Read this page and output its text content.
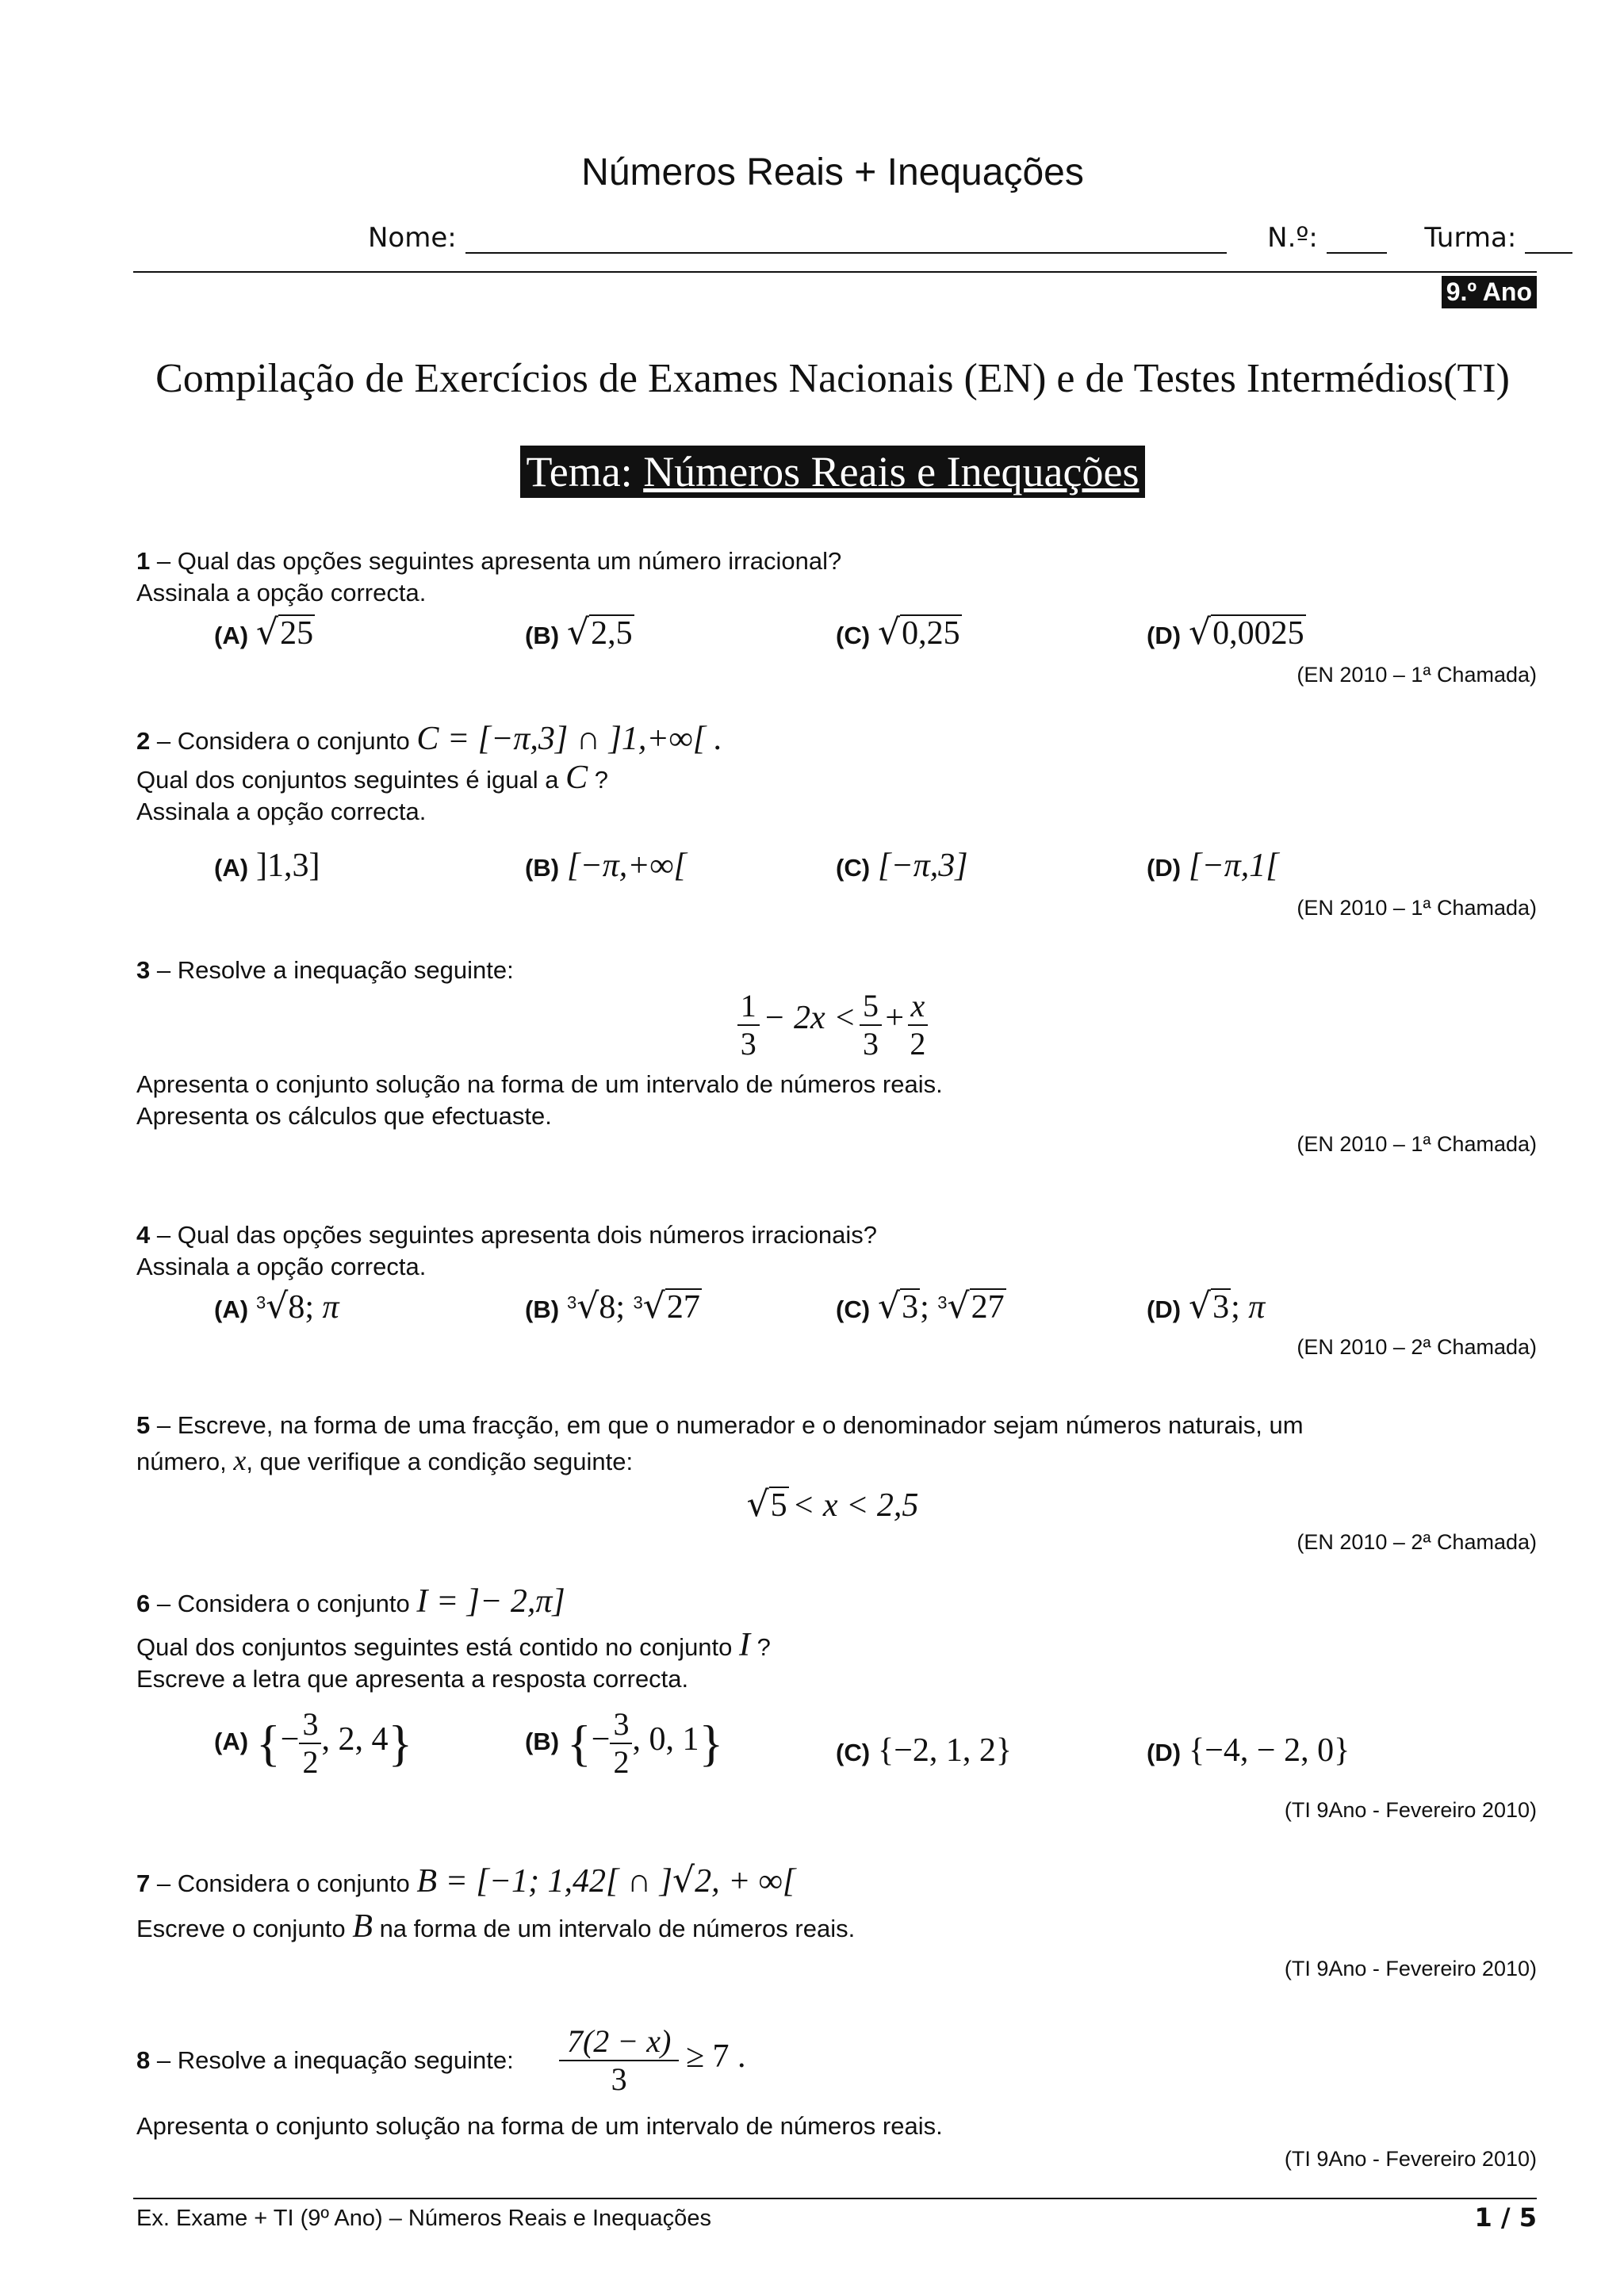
Números Reais + Inequações
Nome:	N.º:	Turma:
9.º Ano
Compilação de Exercícios de Exames Nacionais (EN) e de Testes Intermédios(TI)
Tema: Números Reais e Inequações
1 – Qual das opções seguintes apresenta um número irracional?
Assinala a opção correcta.
(A) √25	(B) √2,5	(C) √0,25	(D) √0,0025
(EN 2010 – 1ª Chamada)
2 – Considera o conjunto C = [−π,3] ∩ ]1,+∞[ .
Qual dos conjuntos seguintes é igual a C ?
Assinala a opção correcta.
(A) ]1,3]	(B) [−π,+∞[	(C) [−π,3]	(D) [−π,1[
(EN 2010 – 1ª Chamada)
3 – Resolve a inequação seguinte:
$\frac{1}{3} - 2x < \frac{5}{3} + \frac{x}{2}$
Apresenta o conjunto solução na forma de um intervalo de números reais.
Apresenta os cálculos que efectuaste.
(EN 2010 – 1ª Chamada)
4 – Qual das opções seguintes apresenta dois números irracionais?
Assinala a opção correcta.
(A) $^3$√8; π	(B) $^3$√8; $^3$√27	(C) √3; $^3$√27	(D) √3; π
(EN 2010 – 2ª Chamada)
5 – Escreve, na forma de uma fracção, em que o numerador e o denominador sejam números naturais, um
número, x, que verifique a condição seguinte:
√5 < x < 2,5
(EN 2010 – 2ª Chamada)
6 – Considera o conjunto I = ]− 2,π]
Qual dos conjuntos seguintes está contido no conjunto I ?
Escreve a letra que apresenta a resposta correcta.
(A) {− $\frac{3}{2}$ , 2, 4}	(B) {− $\frac{3}{2}$ , 0, 1}	(C) {−2, 1, 2}	(D) {−4, − 2, 0}
(TI 9Ano - Fevereiro 2010)
7 – Considera o conjunto B = [−1; 1,42[ ∩ ]√2, + ∞[
Escreve o conjunto B na forma de um intervalo de números reais.
(TI 9Ano - Fevereiro 2010)
8 – Resolve a inequação seguinte: $\frac{7(2 - x)}{3} \ge 7$ .
Apresenta o conjunto solução na forma de um intervalo de números reais.
(TI 9Ano - Fevereiro 2010)
Ex. Exame + TI (9º Ano) – Números Reais e Inequações	1 / 5
